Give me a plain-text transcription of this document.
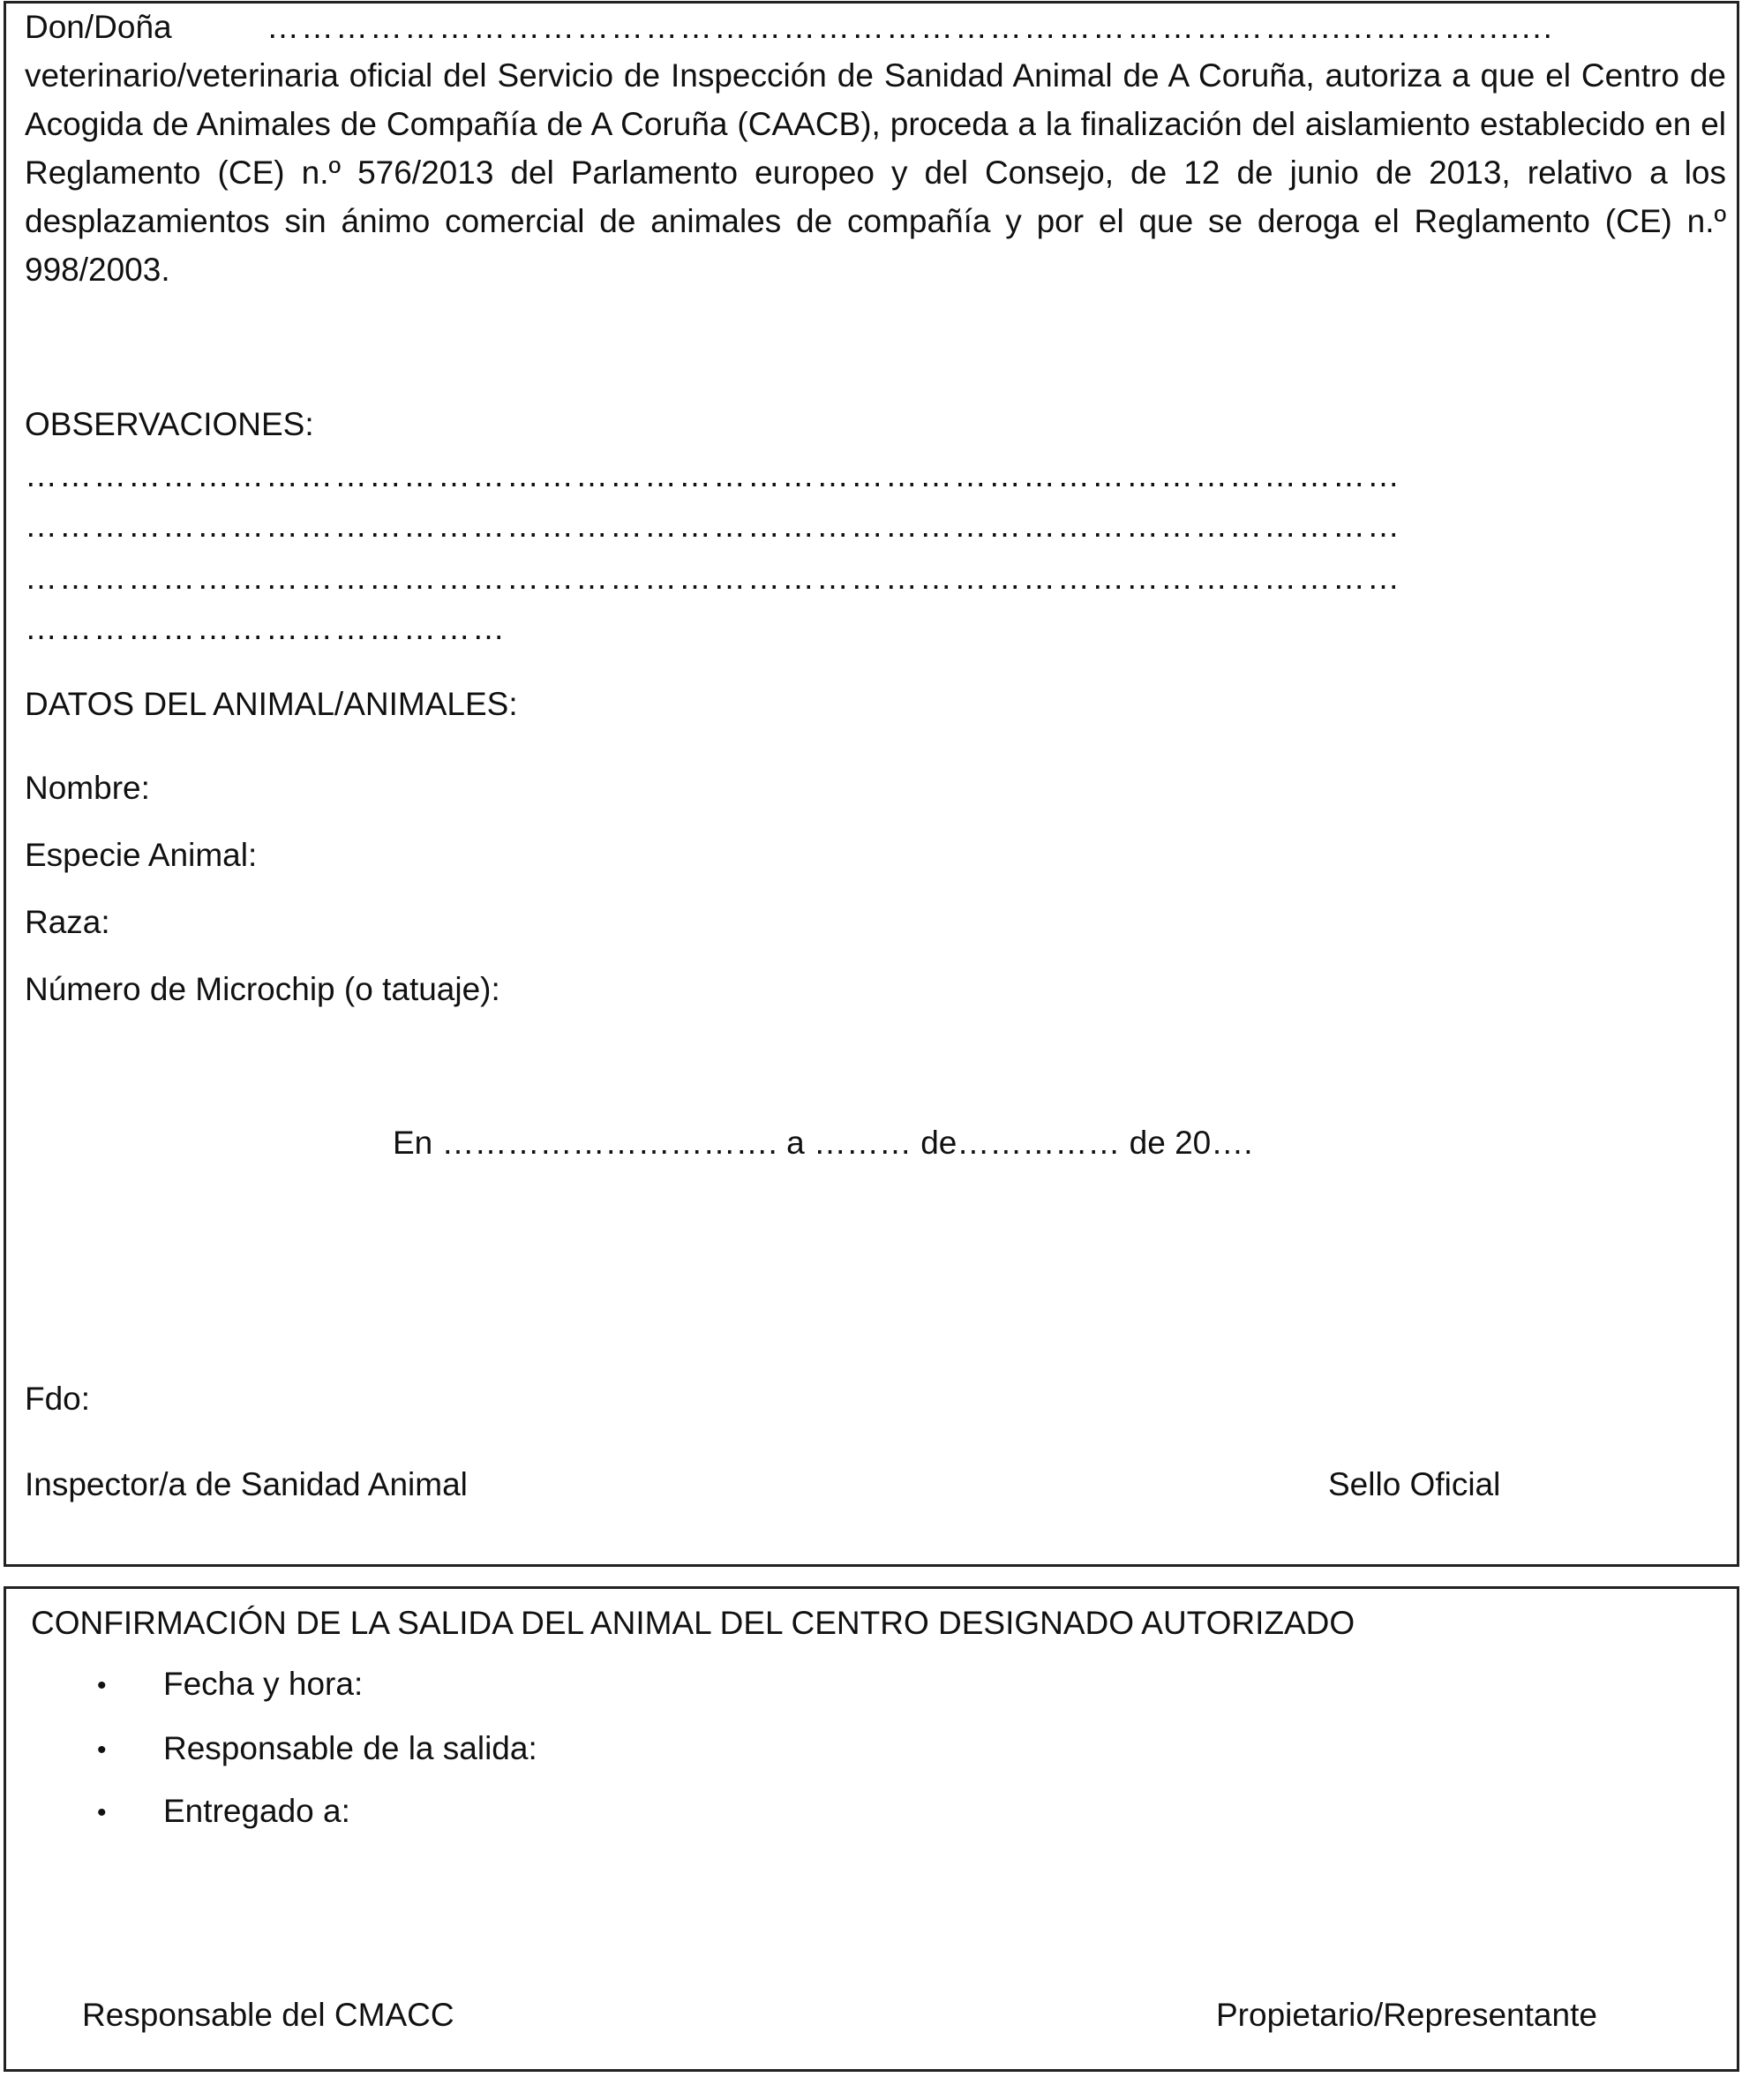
Don/Doña	……………………………………………………………………………….......……….......
veterinario/veterinaria oficial del Servicio de Inspección de Sanidad Animal de A Coruña, autoriza a que el Centro de Acogida de Animales de Compañía de A Coruña (CAACB), proceda a la finalización del aislamiento establecido en el Reglamento (CE) n.º 576/2013 del Parlamento europeo y del Consejo, de 12 de junio de 2013, relativo a los desplazamientos sin ánimo comercial de animales de compañía y por el que se deroga el Reglamento (CE) n.º 998/2003.
OBSERVACIONES:
…………………………………………………………………………………………………………
…………………………………………………………………………………………………………
…………………………………………………………………………………………………………
……………………………………
DATOS DEL ANIMAL/ANIMALES:
Nombre:
Especie Animal:
Raza:
Número de Microchip (o tatuaje):
En …………………………. a ……… de…………… de 20….
Fdo:
Inspector/a de Sanidad Animal	Sello Oficial
CONFIRMACIÓN DE LA SALIDA DEL ANIMAL DEL CENTRO DESIGNADO AUTORIZADO
• Fecha y hora:
• Responsable de la salida:
• Entregado a:
Responsable del CMACC	Propietario/Representante
